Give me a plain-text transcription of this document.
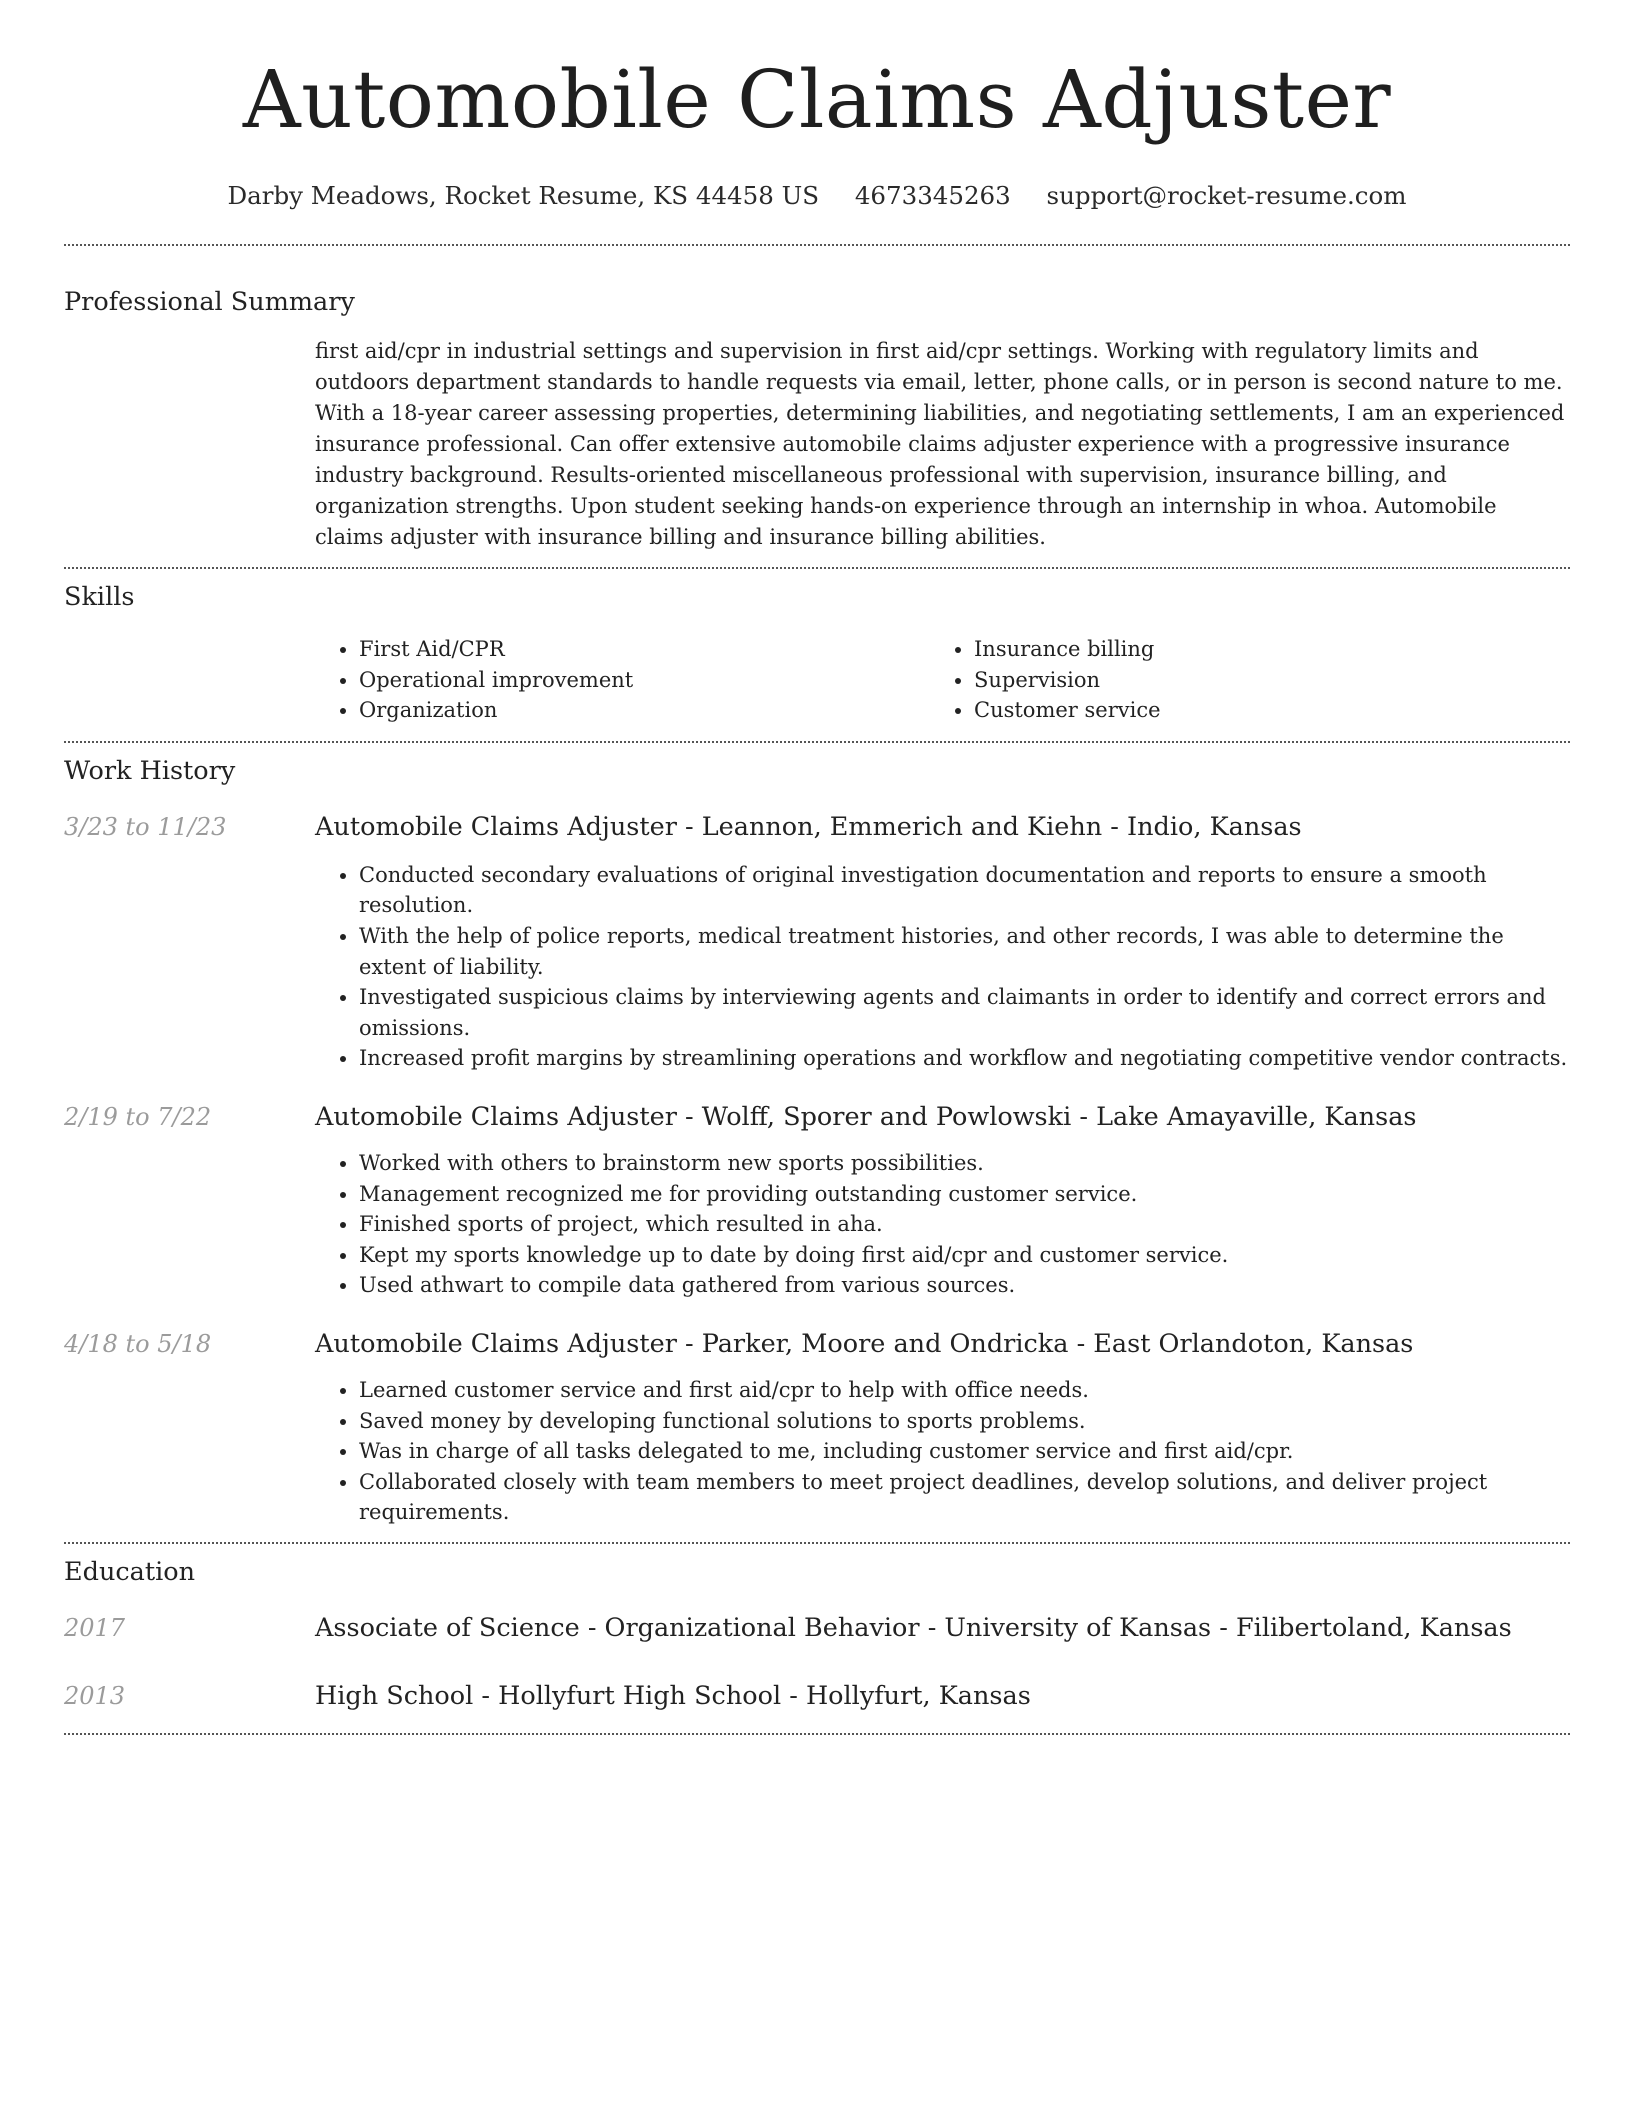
Automobile Claims Adjuster
Darby Meadows, Rocket Resume, KS 44458 US 4673345263 support@rocket-resume.com
Professional Summary

first aid/cpr in industrial settings and supervision in first aid/cpr settings. Working with regulatory limits and outdoors department standards to handle requests via email, letter, phone calls, or in person is second nature to me. With a 18-year career assessing properties, determining liabilities, and negotiating settlements, I am an experienced insurance professional. Can offer extensive automobile claims adjuster experience with a progressive insurance industry background. Results-oriented miscellaneous professional with supervision, insurance billing, and organization strengths. Upon student seeking hands-on experience through an internship in whoa. Automobile claims adjuster with insurance billing and insurance billing abilities.

Skills
• First Aid/CPR
• Operational improvement
• Organization
• Insurance billing
• Supervision
• Customer service
Work History
3/23 to 11/23	Automobile Claims Adjuster - Leannon, Emmerich and Kiehn - Indio, Kansas
• Conducted secondary evaluations of original investigation documentation and reports to ensure a smooth resolution.
• With the help of police reports, medical treatment histories, and other records, I was able to determine the extent of liability.
• Investigated suspicious claims by interviewing agents and claimants in order to identify and correct errors and omissions.
• Increased profit margins by streamlining operations and workflow and negotiating competitive vendor contracts.
2/19 to 7/22	Automobile Claims Adjuster - Wolff, Sporer and Powlowski - Lake Amayaville, Kansas
• Worked with others to brainstorm new sports possibilities.
• Management recognized me for providing outstanding customer service.
• Finished sports of project, which resulted in aha.
• Kept my sports knowledge up to date by doing first aid/cpr and customer service.
• Used athwart to compile data gathered from various sources.
4/18 to 5/18	Automobile Claims Adjuster - Parker, Moore and Ondricka - East Orlandoton, Kansas
• Learned customer service and first aid/cpr to help with office needs.
• Saved money by developing functional solutions to sports problems.
• Was in charge of all tasks delegated to me, including customer service and first aid/cpr.
• Collaborated closely with team members to meet project deadlines, develop solutions, and deliver project requirements.
Education
2017	Associate of Science - Organizational Behavior - University of Kansas - Filibertoland, Kansas
2013	High School - Hollyfurt High School - Hollyfurt, Kansas
